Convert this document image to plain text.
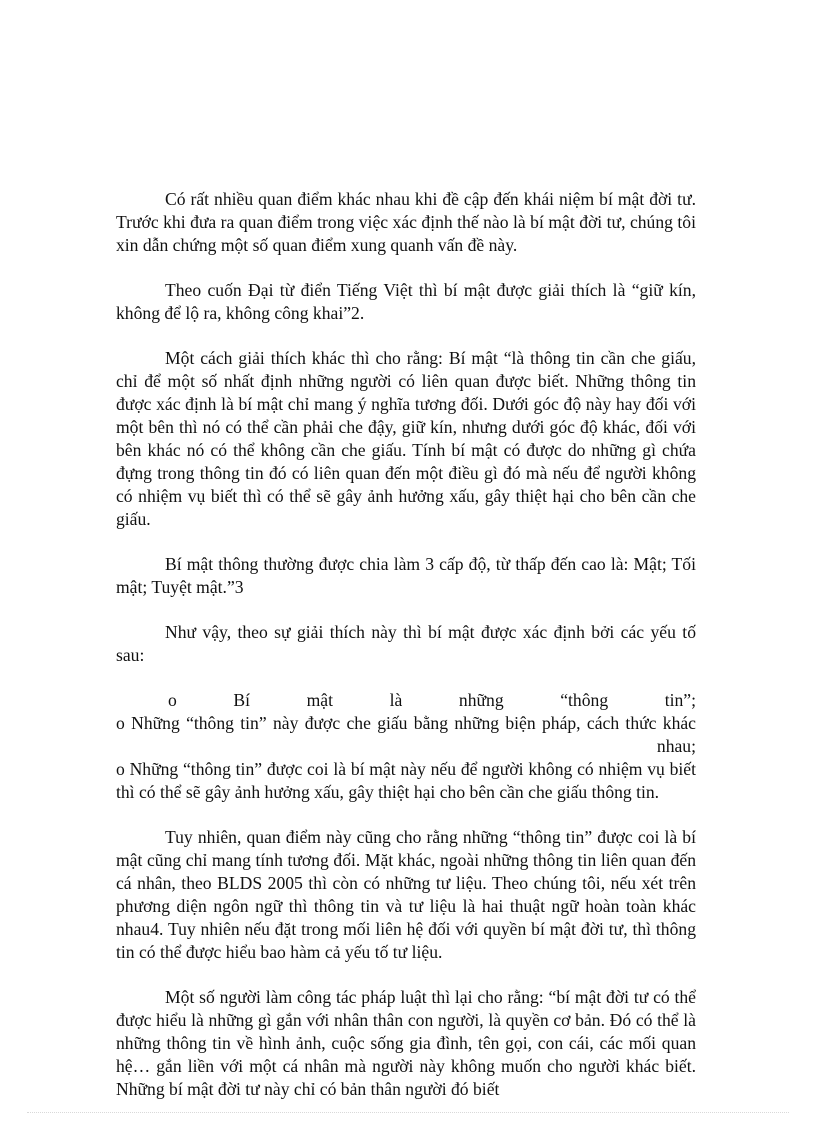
Có rất nhiều quan điểm khác nhau khi đề cập đến khái niệm bí mật đời tư. Trước khi đưa ra quan điểm trong việc xác định thế nào là bí mật đời tư, chúng tôi xin dẫn chứng một số quan điểm xung quanh vấn đề này.

Theo cuốn Đại từ điển Tiếng Việt thì bí mật được giải thích là “giữ kín, không để lộ ra, không công khai”2.

Một cách giải thích khác thì cho rằng: Bí mật “là thông tin cần che giấu, chỉ để một số nhất định những người có liên quan được biết. Những thông tin được xác định là bí mật chỉ mang ý nghĩa tương đối. Dưới góc độ này hay đối với một bên thì nó có thể cần phải che đậy, giữ kín, nhưng dưới góc độ khác, đối với bên khác nó có thể không cần che giấu. Tính bí mật có được do những gì chứa đựng trong thông tin đó có liên quan đến một điều gì đó mà nếu để người không có nhiệm vụ biết thì có thể sẽ gây ảnh hưởng xấu, gây thiệt hại cho bên cần che giấu.

Bí mật thông thường được chia làm 3 cấp độ, từ thấp đến cao là: Mật; Tối mật; Tuyệt mật.”3

Như vậy, theo sự giải thích này thì bí mật được xác định bởi các yếu tố sau:

o Bí mật là những “thông tin”;
o Những “thông tin” này được che giấu bằng những biện pháp, cách thức khác
nhau;
o Những “thông tin” được coi là bí mật này nếu để người không có nhiệm vụ biết thì có thể sẽ gây ảnh hưởng xấu, gây thiệt hại cho bên cần che giấu thông tin.

Tuy nhiên, quan điểm này cũng cho rằng những “thông tin” được coi là bí mật cũng chỉ mang tính tương đối. Mặt khác, ngoài những thông tin liên quan đến cá nhân, theo BLDS 2005 thì còn có những tư liệu. Theo chúng tôi, nếu xét trên phương diện ngôn ngữ thì thông tin và tư liệu là hai thuật ngữ hoàn toàn khác nhau4. Tuy nhiên nếu đặt trong mối liên hệ đối với quyền bí mật đời tư, thì thông tin có thể được hiểu bao hàm cả yếu tố tư liệu.

Một số người làm công tác pháp luật thì lại cho rằng: “bí mật đời tư có thể được hiểu là những gì gắn với nhân thân con người, là quyền cơ bản. Đó có thể là những thông tin về hình ảnh, cuộc sống gia đình, tên gọi, con cái, các mối quan hệ… gắn liền với một cá nhân mà người này không muốn cho người khác biết. Những bí mật đời tư này chỉ có bản thân người đó biết
